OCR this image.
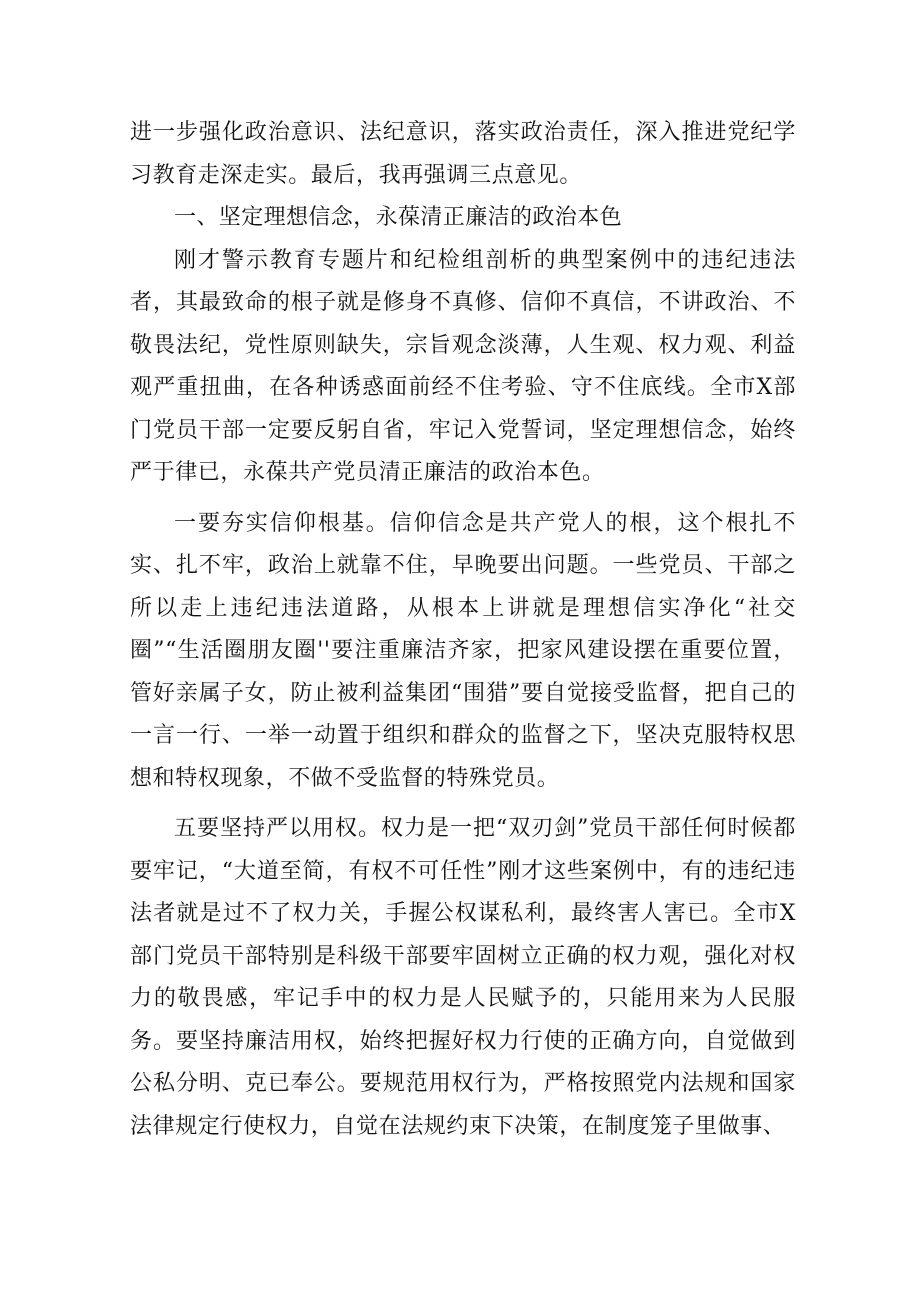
进一步强化政治意识、法纪意识，落实政治责任，深入推进党纪学习教育走深走实。最后，我再强调三点意见。

一、坚定理想信念，永葆清正廉洁的政治本色

刚才警示教育专题片和纪检组剖析的典型案例中的违纪违法者，其最致命的根子就是修身不真修、信仰不真信，不讲政治、不敬畏法纪，党性原则缺失，宗旨观念淡薄，人生观、权力观、利益观严重扭曲，在各种诱惑面前经不住考验、守不住底线。全市X部门党员干部一定要反躬自省，牢记入党誓词，坚定理想信念，始终严于律已，永葆共产党员清正廉洁的政治本色。

一要夯实信仰根基。信仰信念是共产党人的根，这个根扎不实、扎不牢，政治上就靠不住，早晚要出问题。一些党员、干部之所以走上违纪违法道路，从根本上讲就是理想信实净化“社交圈”“生活圈朋友圈''要注重廉洁齐家，把家风建设摆在重要位置，管好亲属子女，防止被利益集团“围猎”要自觉接受监督，把自己的一言一行、一举一动置于组织和群众的监督之下，坚决克服特权思想和特权现象，不做不受监督的特殊党员。

五要坚持严以用权。权力是一把“双刃剑”党员干部任何时候都要牢记，“大道至简，有权不可任性”刚才这些案例中，有的违纪违法者就是过不了权力关，手握公权谋私利，最终害人害已。全市X部门党员干部特别是科级干部要牢固树立正确的权力观，强化对权力的敬畏感，牢记手中的权力是人民赋予的，只能用来为人民服务。要坚持廉洁用权，始终把握好权力行使的正确方向，自觉做到公私分明、克已奉公。要规范用权行为，严格按照党内法规和国家法律规定行使权力，自觉在法规约束下决策，在制度笼子里做事、
